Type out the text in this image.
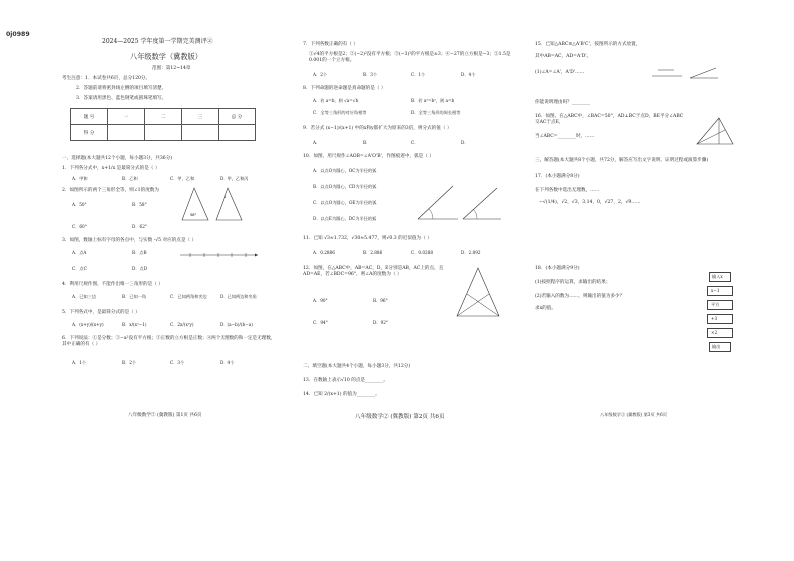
0j0989
2024—2025 学年度第一学期完美测评②
八年级数学（冀教版）
范围：第12~14章
考生注意：1．本试卷共6页，总分120分。
2．答题前请将密封线左侧的项目填写清楚。
3．答案请用黑色、蓝色钢笔或圆珠笔填写。
题 号	一	二	三	总 分
得 分				
一、选择题(本大题共12个小题，每小题3分，共36分)
1．下列各分式中，x+1/x 是最简分式的是（ ）
A．甲和	B．乙和	C．甲，乙和	D．甲，乙和丙
2．如图所示的两个三角形全等，则∠1的度数为
58°
1
A．50°	B．58°
C．60°	D．62°
3．如图，数轴上标有字母的各点中，与实数 -√5 对应的点是（ ）
A．点A	B．点B
C．点C	D．点D
4．利用尺规作图，不能作出唯一三角形的是（ ）
A．已知三边	B．已知一角	C．已知两角和夹边	D．已知两边和夹角
5．下列各式中，是最简分式的是（ ）
A．(x+y)/(x+y)	B．x/(x²−1)	C．2x/(x²y)	D．(a−b)/(b−a)
6．下列说法：①是分数；②−a²没有平方根；③正数的立方根是正数；④两个无理数的和一定是无理数，其中正确的有（ ）
A．1个	B．2个	C．3个	D．4个
八年级数学② (冀教版) 第1页 共6页
7．下列各数正确的有（ ）
①√4的平方根是2；②(−2)²没有平方根；③(−3)²的平方根是±3；④−27的立方根是−3；⑤1.5是0.001的一个立方根。
A．2个	B．3个	C．1个	D．4个
8．下列命题的逆命题是真命题的是（ ）
A．若 a=b，则 √a=√b	B．若 a²=b²，则 a=b
C．全等三角形的对应角相等	D．全等三角形的周长相等
9．若分式 (x−1)/(x+1) 中的x和y都扩大为原来的3倍，则分式的值（ ）
A．	B．	C．	D．
10．如图，用尺规作∠AOB=∠A'O'B'，作图痕迹中，弧是（ ）
A．以点O为圆心，OC为半径的弧
B．以点O为圆心，CD为半径的弧
C．以点O为圆心，OE为半径的弧
D．以点E为圆心，DC为半径的弧
11．已知 √3≈1.732，√30≈5.477，则√0.3 的近似值为（ ）
A．0.2886	B．2.886	C．0.0288	D．2.892
12．如图，在△ABC中，AB=AC，D，E分别是AB，AC上的点，且AD=AE，若∠BDC=96°，则∠A的度数为（ ）
A．90°	B．96°
C．94°	D．92°
二、填空题(本大题共4个小题，每小题3分，共12分)
13．在数轴上表示√10 的点是________。
14．已知 2/(x+1) 的值为________。
八年级数学② (冀教版) 第2页 共6页
15．已知△ABC≌△A'B'C'，按图所示的方式放置，
其中AB=AC，AD=A'D'。
(1)∠A=∠A'，A'D'……
你能说明理由吗？________
16．如图，在△ABC中，∠BAC=50°，AD⊥BC于点D，BE平分∠ABC交AC于点E，
当∠ABC=________时，……
三、解答题(本大题共8个小题，共72分，解答应写出文字说明、证明过程或演算步骤)
17．(本小题满分8分)
在下列各数中选出无理数，……
−√(1/4)，√2，√3，3.14，0，√27，2，√9……
18．(本小题满分9分)
(1)按照程序的运算，求输出的结果；
(2)若输入的数为……，则输出的值为多少？
求x的值。
输入x
x−1
平方
+3
×2
输出
八年级数学② (冀教版) 第3页 共6页
